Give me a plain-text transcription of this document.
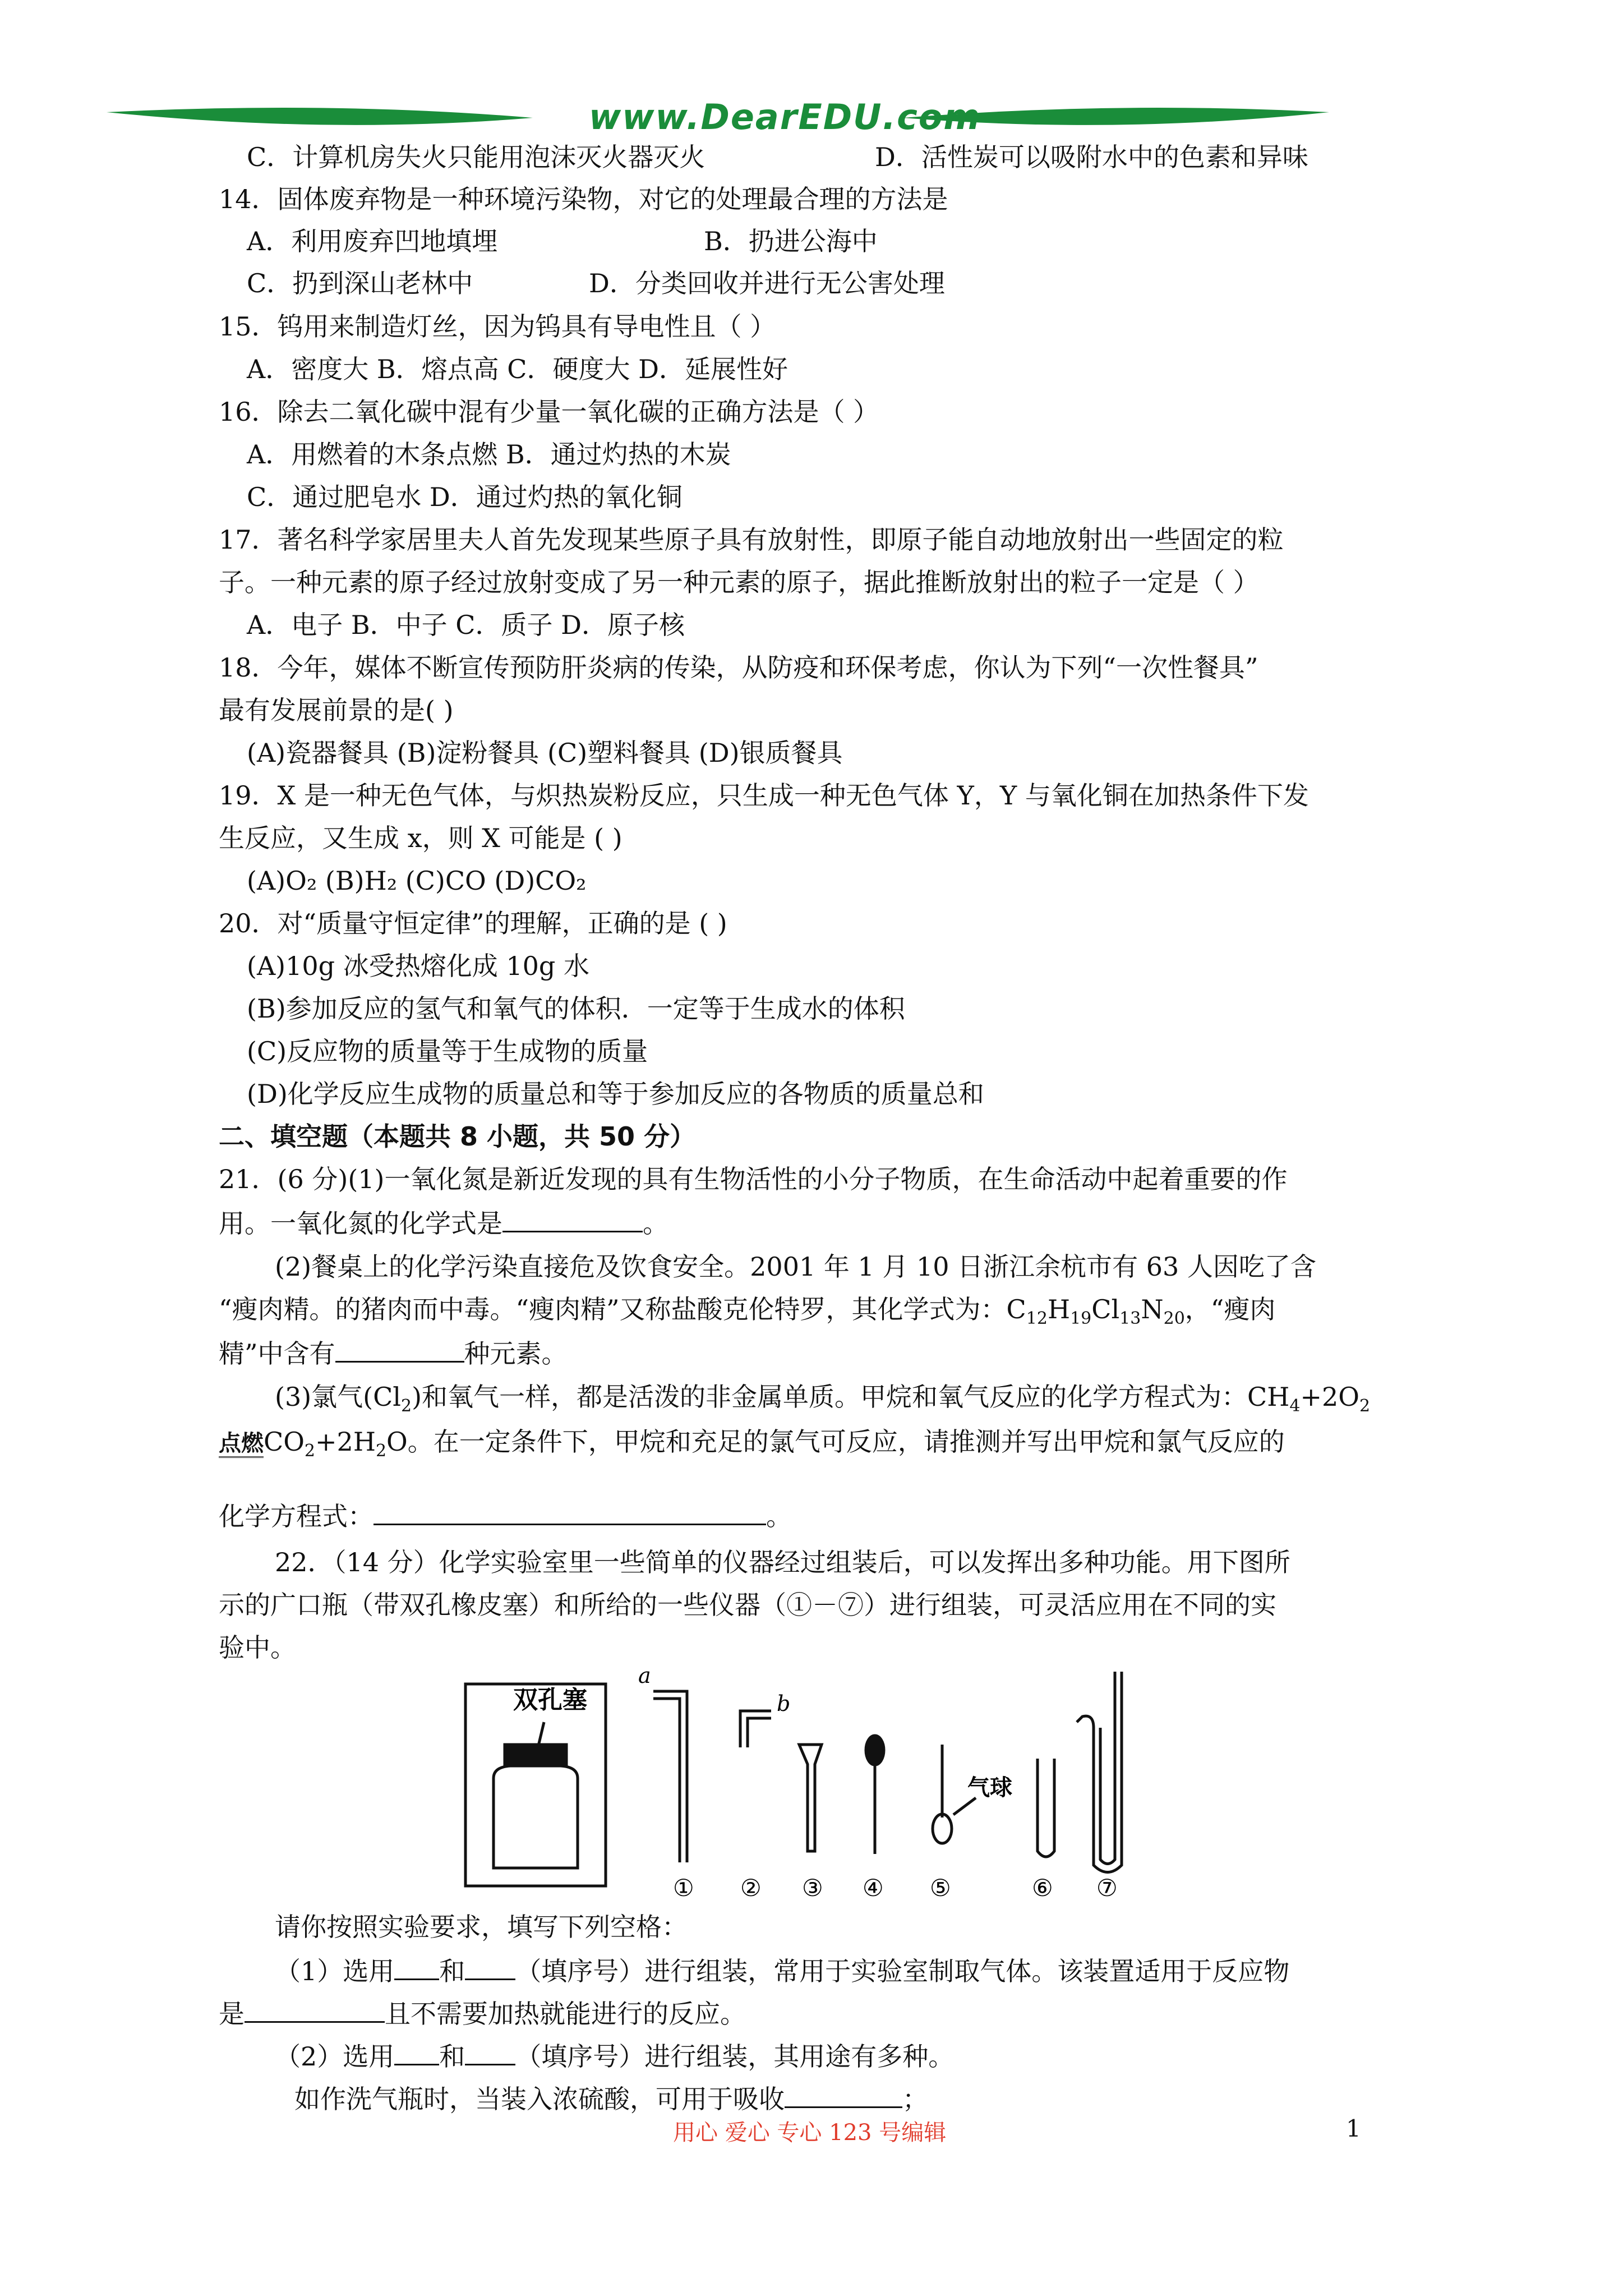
www.DearEDU.com
C．计算机房失火只能用泡沫灭火器灭火	D．活性炭可以吸附水中的色素和异味
14．固体废弃物是一种环境污染物，对它的处理最合理的方法是
A．利用废弃凹地填埋	B．扔进公海中
C．扔到深山老林中	D．分类回收并进行无公害处理
15．钨用来制造灯丝，因为钨具有导电性且（ ）
A．密度大 B．熔点高 C．硬度大 D．延展性好
16．除去二氧化碳中混有少量一氧化碳的正确方法是（ ）
A．用燃着的木条点燃 B．通过灼热的木炭
C．通过肥皂水 D．通过灼热的氧化铜
17．著名科学家居里夫人首先发现某些原子具有放射性，即原子能自动地放射出一些固定的粒
子。一种元素的原子经过放射变成了另一种元素的原子，据此推断放射出的粒子一定是（ ）
A．电子 B．中子 C．质子 D．原子核
18．今年，媒体不断宣传预防肝炎病的传染，从防疫和环保考虑，你认为下列“一次性餐具”
最有发展前景的是( )
(A)瓷器餐具 (B)淀粉餐具 (C)塑料餐具 (D)银质餐具
19．X 是一种无色气体，与炽热炭粉反应，只生成一种无色气体 Y，Y 与氧化铜在加热条件下发
生反应，又生成 x，则 X 可能是 ( )
(A)O₂ (B)H₂ (C)CO (D)CO₂
20．对“质量守恒定律”的理解，正确的是 ( )
(A)10g 冰受热熔化成 10g 水
(B)参加反应的氢气和氧气的体积．一定等于生成水的体积
(C)反应物的质量等于生成物的质量
(D)化学反应生成物的质量总和等于参加反应的各物质的质量总和
二、填空题（本题共 8 小题，共 50 分）
21．(6 分)(1)一氧化氮是新近发现的具有生物活性的小分子物质，在生命活动中起着重要的作
用。一氧化氮的化学式是	。
(2)餐桌上的化学污染直接危及饮食安全。2001 年 1 月 10 日浙江余杭市有 63 人因吃了含
“瘦肉精。的猪肉而中毒。“瘦肉精”又称盐酸克伦特罗，其化学式为：$C_{12}H_{19}Cl_{13}N_{20}$，“瘦肉
精”中含有	种元素。
(3)氯气$(Cl_2)$和氧气一样，都是活泼的非金属单质。甲烷和氧气反应的化学方程式为：$CH_4+2O_2$
点燃$CO_2+2H_2O$。在一定条件下，甲烷和充足的氯气可反应，请推测并写出甲烷和氯气反应的
化学方程式：	。
22．（14 分）化学实验室里一些简单的仪器经过组装后，可以发挥出多种功能。用下图所
示的广口瓶（带双孔橡皮塞）和所给的一些仪器（①－⑦）进行组装，可灵活应用在不同的实
验中。
双孔塞
a
b
气球
① ② ③ ④ ⑤	⑥ ⑦
请你按照实验要求，填写下列空格：
（1）选用 和 （填序号）进行组装，常用于实验室制取气体。该装置适用于反应物
是	且不需要加热就能进行的反应。
（2）选用 和 （填序号）进行组装，其用途有多种。
如作洗气瓶时，当装入浓硫酸，可用于吸收	；
用心 爱心 专心 123 号编辑	1
